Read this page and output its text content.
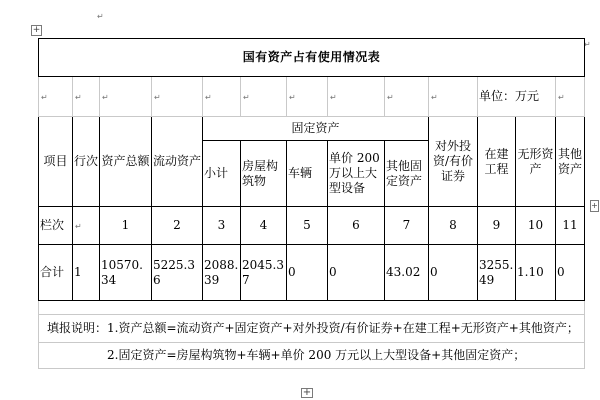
+
↵
↵
国有资产占有使用情况表												
↵	↵	↵	↵	↵	↵	↵	↵	↵	↵	单位：万元		↵
项目	行次	资产总额	流动资产	固定资产					对外投资/有价证券	在建工程	无形资产	其他资产
				小计	房屋构筑物	车辆	单价 200 万以上大型设备	其他固定资产				
栏次	↵	1	2	3	4	5	6	7	8	9	10	11
合计	1	10570.34	5225.36	2088.39	2045.37	0	0	43.02	0	3255.49	1.10	0

填报说明：1.资产总额=流动资产+固定资产+对外投资/有价证券+在建工程+无形资产+其他资产；												
2.固定资产=房屋构筑物+车辆+单价 200 万元以上大型设备+其他固定资产；												
+
+
